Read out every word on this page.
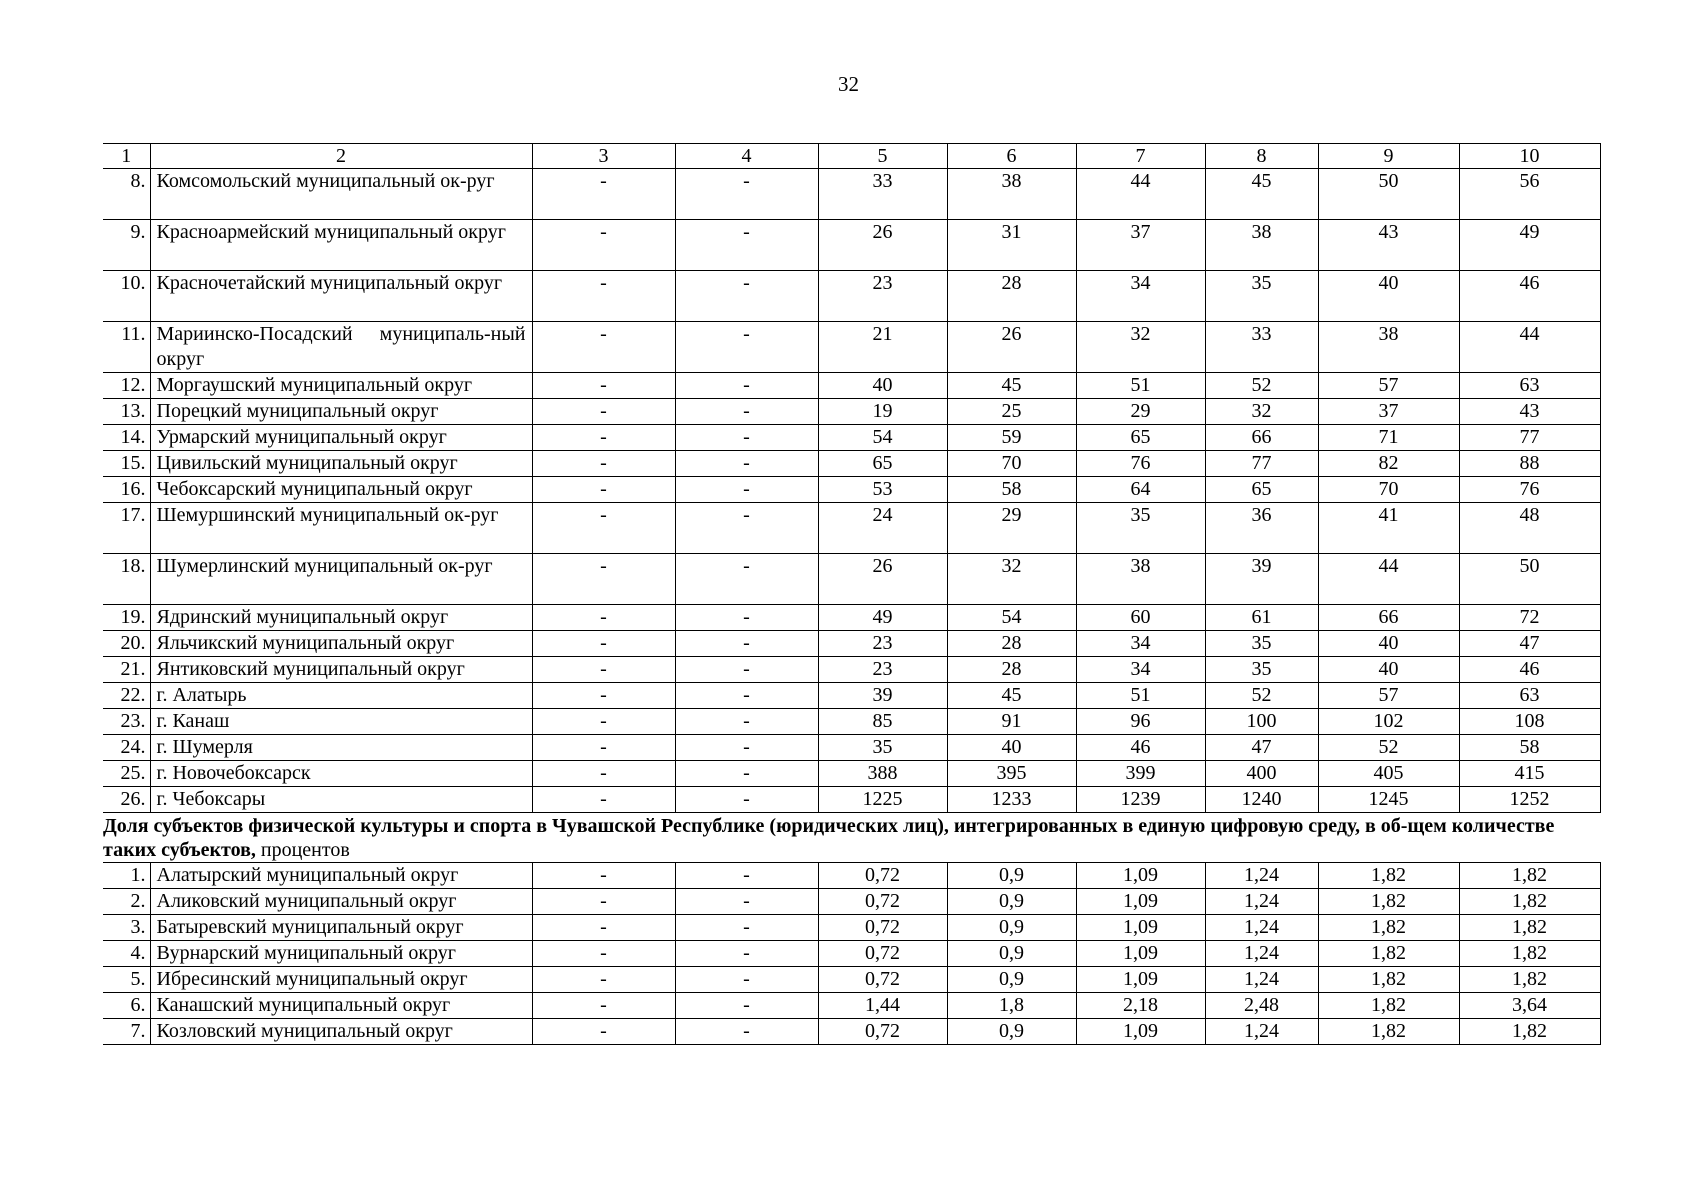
32
1	2	3	4	5	6	7	8	9	10
8.	Комсомольский муниципальный ок-руг	-	-	33	38	44	45	50	56
9.	Красноармейский муниципальный округ	-	-	26	31	37	38	43	49
10.	Красночетайский муниципальный округ	-	-	23	28	34	35	40	46
11.	Мариинско-Посадский муниципаль-ный округ	-	-	21	26	32	33	38	44
12.	Моргаушский муниципальный округ	-	-	40	45	51	52	57	63
13.	Порецкий муниципальный округ	-	-	19	25	29	32	37	43
14.	Урмарский муниципальный округ	-	-	54	59	65	66	71	77
15.	Цивильский муниципальный округ	-	-	65	70	76	77	82	88
16.	Чебоксарский муниципальный округ	-	-	53	58	64	65	70	76
17.	Шемуршинский муниципальный ок-руг	-	-	24	29	35	36	41	48
18.	Шумерлинский муниципальный ок-руг	-	-	26	32	38	39	44	50
19.	Ядринский муниципальный округ	-	-	49	54	60	61	66	72
20.	Яльчикский муниципальный округ	-	-	23	28	34	35	40	47
21.	Янтиковский муниципальный округ	-	-	23	28	34	35	40	46
22.	г. Алатырь	-	-	39	45	51	52	57	63
23.	г. Канаш	-	-	85	91	96	100	102	108
24.	г. Шумерля	-	-	35	40	46	47	52	58
25.	г. Новочебоксарск	-	-	388	395	399	400	405	415
26.	г. Чебоксары	-	-	1225	1233	1239	1240	1245	1252
Доля субъектов физической культуры и спорта в Чувашской Республике (юридических лиц), интегрированных в единую цифровую среду, в об-щем количестве таких субъектов, процентов									
1.	Алатырский муниципальный округ	-	-	0,72	0,9	1,09	1,24	1,82	1,82
2.	Аликовский муниципальный округ	-	-	0,72	0,9	1,09	1,24	1,82	1,82
3.	Батыревский муниципальный округ	-	-	0,72	0,9	1,09	1,24	1,82	1,82
4.	Вурнарский муниципальный округ	-	-	0,72	0,9	1,09	1,24	1,82	1,82
5.	Ибресинский муниципальный округ	-	-	0,72	0,9	1,09	1,24	1,82	1,82
6.	Канашский муниципальный округ	-	-	1,44	1,8	2,18	2,48	1,82	3,64
7.	Козловский муниципальный округ	-	-	0,72	0,9	1,09	1,24	1,82	1,82
